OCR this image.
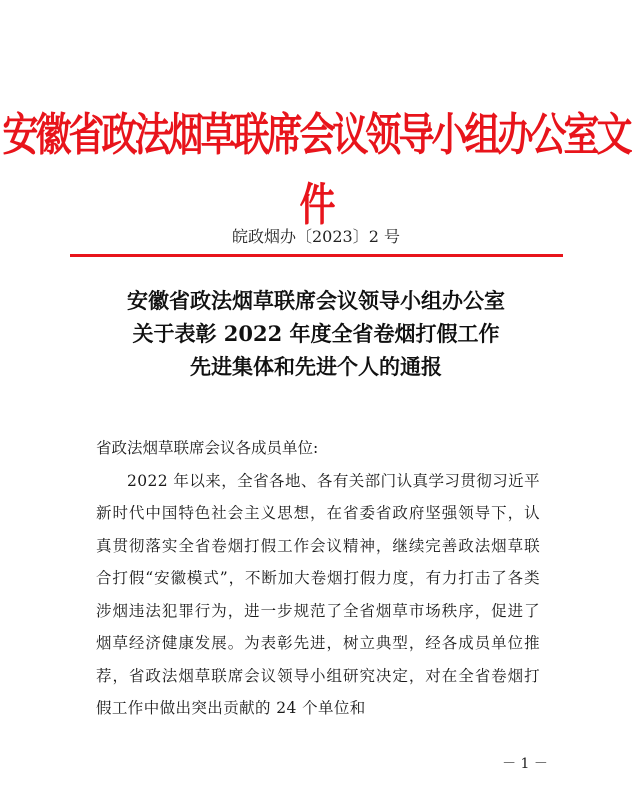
安徽省政法烟草联席会议领导小组办公室文件
皖政烟办〔2023〕2 号
安徽省政法烟草联席会议领导小组办公室
关于表彰 2022 年度全省卷烟打假工作
先进集体和先进个人的通报
省政法烟草联席会议各成员单位:
2022 年以来，全省各地、各有关部门认真学习贯彻习近平新时代中国特色社会主义思想，在省委省政府坚强领导下，认真贯彻落实全省卷烟打假工作会议精神，继续完善政法烟草联合打假“安徽模式”，不断加大卷烟打假力度，有力打击了各类涉烟违法犯罪行为，进一步规范了全省烟草市场秩序，促进了烟草经济健康发展。为表彰先进，树立典型，经各成员单位推荐，省政法烟草联席会议领导小组研究决定，对在全省卷烟打假工作中做出突出贡献的 24 个单位和
－ 1 －
